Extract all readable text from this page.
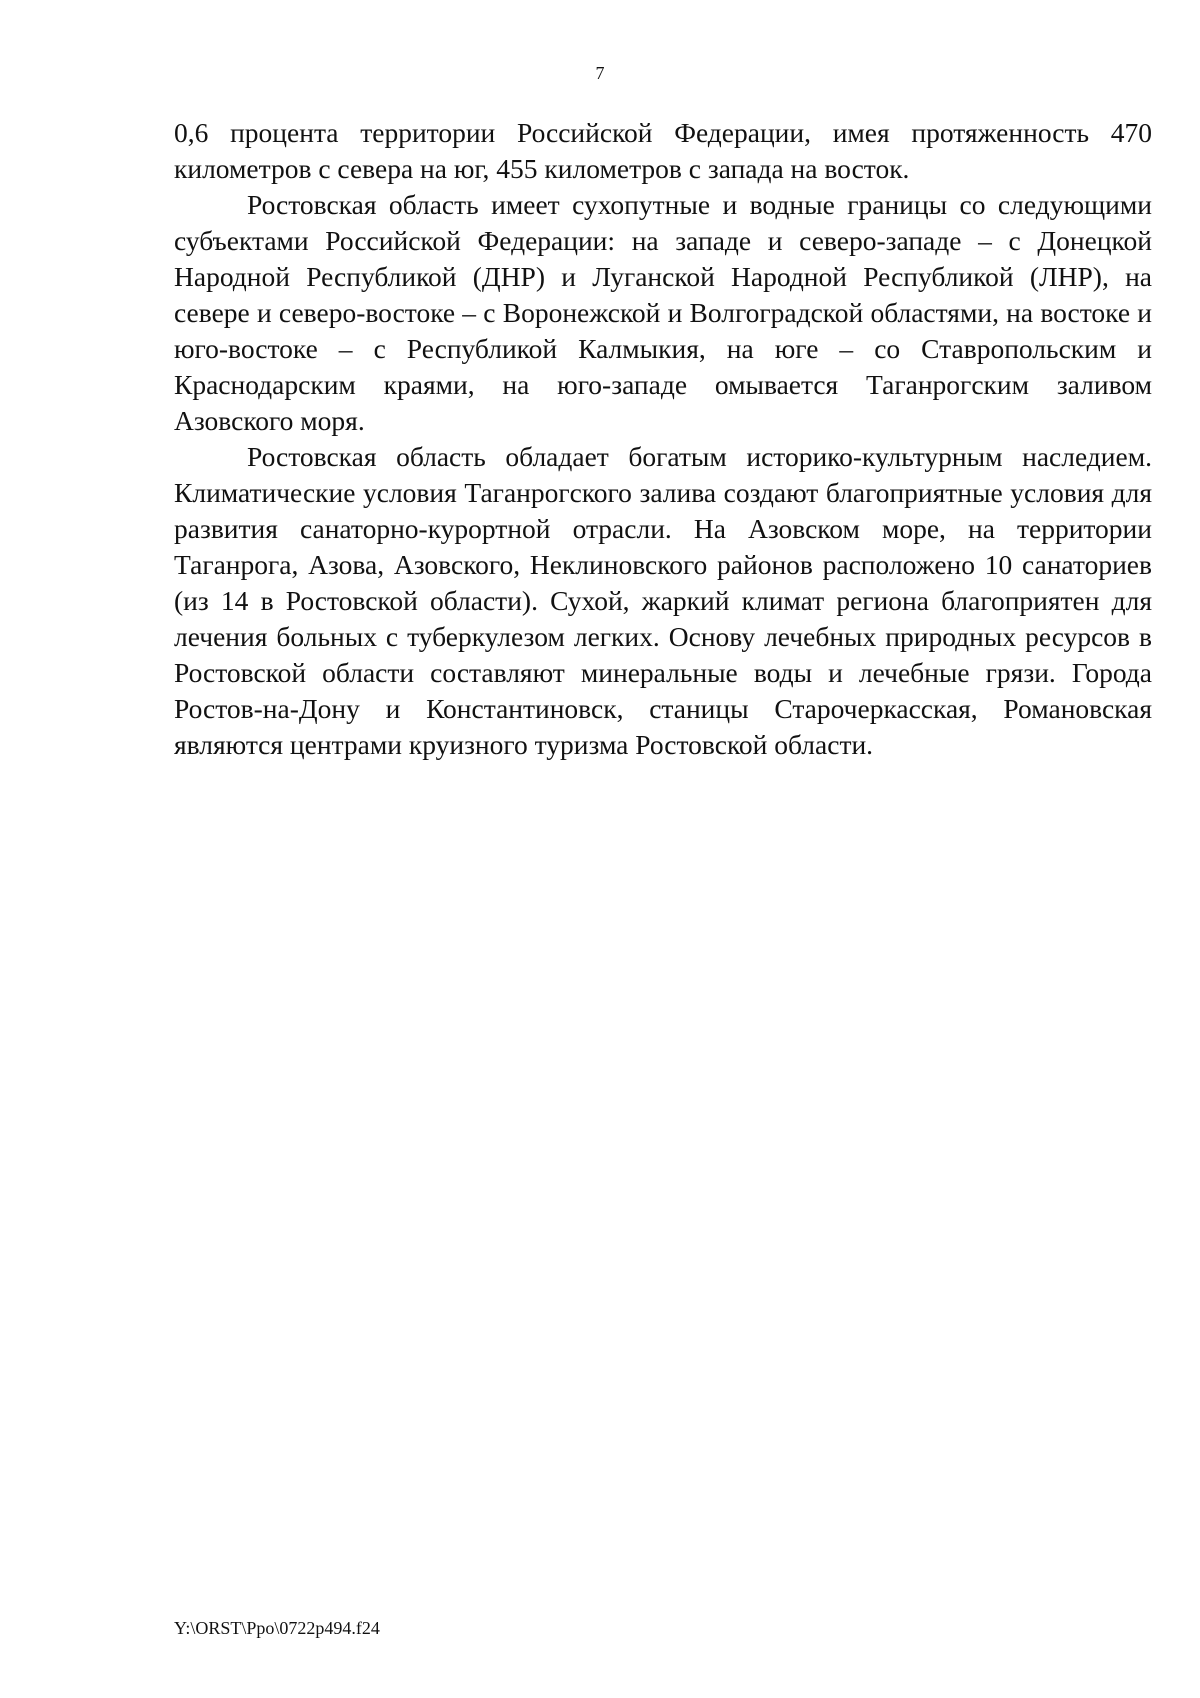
7

0,6 процента территории Российской Федерации, имея протяженность 470 километров с севера на юг, 455 километров с запада на восток.

Ростовская область имеет сухопутные и водные границы со следующими субъектами Российской Федерации: на западе и северо-западе – с Донецкой Народной Республикой (ДНР) и Луганской Народной Республикой (ЛНР), на севере и северо-востоке – с Воронежской и Волгоградской областями, на востоке и юго-востоке – с Республикой Калмыкия, на юге – со Ставропольским и Краснодарским краями, на юго-западе омывается Таганрогским заливом Азовского моря.

Ростовская область обладает богатым историко-культурным наследием. Климатические условия Таганрогского залива создают благоприятные условия для развития санаторно-курортной отрасли. На Азовском море, на территории Таганрога, Азова, Азовского, Неклиновского районов расположено 10 санаториев (из 14 в Ростовской области). Сухой, жаркий климат региона благоприятен для лечения больных с туберкулезом легких. Основу лечебных природных ресурсов в Ростовской области составляют минеральные воды и лечебные грязи. Города Ростов-на-Дону и Константиновск, станицы Старочеркасская, Романовская являются центрами круизного туризма Ростовской области.

Y:\ORST\Ppo\0722p494.f24
